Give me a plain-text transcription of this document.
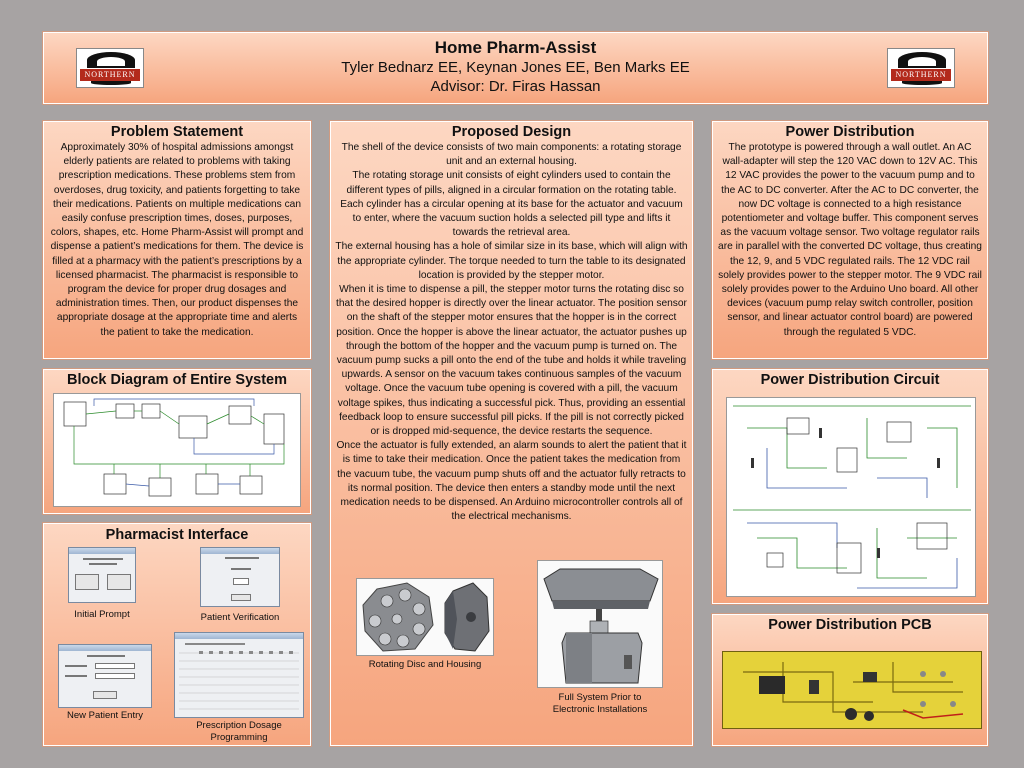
NORTHERN
Home Pharm-Assist
Tyler Bednarz EE, Keynan Jones EE, Ben Marks EE
Advisor: Dr. Firas Hassan
NORTHERN
Problem Statement
Approximately 30% of hospital admissions amongst elderly patients are related to problems with taking prescription medications. These problems stem from overdoses, drug toxicity, and patients forgetting to take their medications. Patients on multiple medications can easily confuse prescription times, doses, purposes, colors, shapes, etc. Home Pharm-Assist will prompt and dispense a patient’s medications for them. The device is filled at a pharmacy with the patient’s prescriptions by a licensed pharmacist. The pharmacist is responsible to program the device for proper drug dosages and administration times. Then, our product dispenses the appropriate dosage at the appropriate time and alerts the patient to take the medication.
Block Diagram of Entire System
Pharmacist Interface
Initial Prompt	Patient Verification
New Patient Entry
Prescription Dosage Programming
Proposed Design
The shell of the device consists of two main components: a rotating storage unit and an external housing.
The rotating storage unit consists of eight cylinders used to contain the different types of pills, aligned in a circular formation on the rotating table. Each cylinder has a circular opening at its base for the actuator and vacuum to enter, where the vacuum suction holds a selected pill type and lifts it towards the retrieval area.
The external housing has a hole of similar size in its base, which will align with the appropriate cylinder. The torque needed to turn the table to its designated location is provided by the stepper motor.
When it is time to dispense a pill, the stepper motor turns the rotating disc so that the desired hopper is directly over the linear actuator. The position sensor on the shaft of the stepper motor ensures that the hopper is in the correct position. Once the hopper is above the linear actuator, the actuator pushes up through the bottom of the hopper and the vacuum pump is turned on. The vacuum pump sucks a pill onto the end of the tube and holds it while traveling upwards. A sensor on the vacuum takes continuous samples of the vacuum voltage. Once the vacuum tube opening is covered with a pill, the vacuum voltage spikes, thus indicating a successful pick. Thus, providing an essential feedback loop to ensure successful pill picks. If the pill is not correctly picked or is dropped mid-sequence, the device restarts the sequence.
Once the actuator is fully extended, an alarm sounds to alert the patient that it is time to take their medication. Once the patient takes the medication from the vacuum tube, the vacuum pump shuts off and the actuator fully retracts to its normal position. The device then enters a standby mode until the next medication needs to be dispensed. An Arduino microcontroller controls all of the electrical mechanisms.
Rotating Disc and Housing
Full System Prior to Electronic Installations
Power Distribution
The prototype is powered through a wall outlet. An AC wall-adapter will step the 120 VAC down to 12V AC. This 12 VAC provides the power to the vacuum pump and to the AC to DC converter. After the AC to DC converter, the now DC voltage is connected to a high resistance potentiometer and voltage buffer. This component serves as the vacuum voltage sensor. Two voltage regulator rails are in parallel with the converted DC voltage, thus creating the 12, 9, and 5 VDC regulated rails. The 12 VDC rail solely provides power to the stepper motor. The 9 VDC rail solely provides power to the Arduino Uno board. All other devices (vacuum pump relay switch controller, position sensor, and linear actuator control board) are powered through the regulated 5 VDC.
Power Distribution Circuit
Power Distribution PCB
